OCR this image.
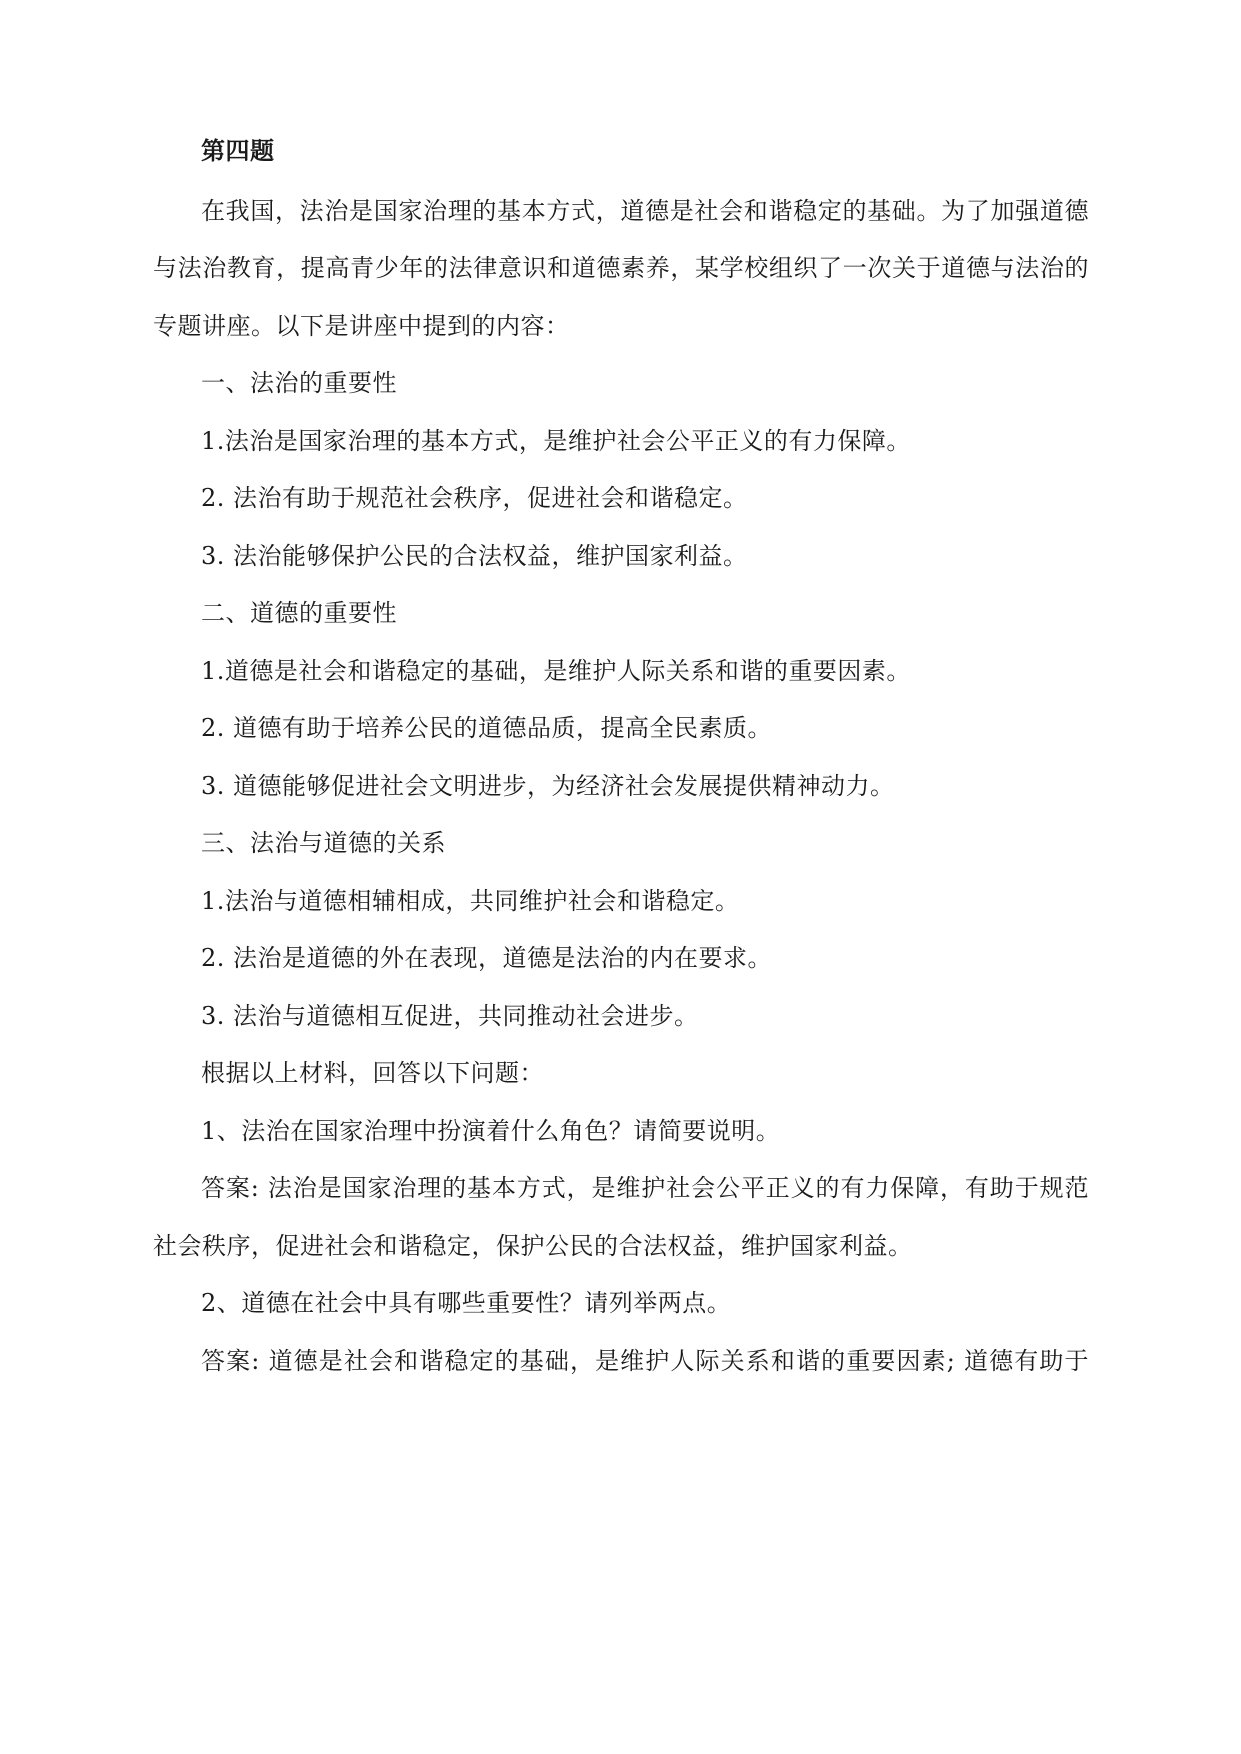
第四题
在我国，法治是国家治理的基本方式，道德是社会和谐稳定的基础。为了加强道德
与法治教育，提高青少年的法律意识和道德素养，某学校组织了一次关于道德与法治的
专题讲座。以下是讲座中提到的内容：
一、法治的重要性
1.法治是国家治理的基本方式，是维护社会公平正义的有力保障。
2. 法治有助于规范社会秩序，促进社会和谐稳定。
3. 法治能够保护公民的合法权益，维护国家利益。
二、道德的重要性
1.道德是社会和谐稳定的基础，是维护人际关系和谐的重要因素。
2. 道德有助于培养公民的道德品质，提高全民素质。
3. 道德能够促进社会文明进步，为经济社会发展提供精神动力。
三、法治与道德的关系
1.法治与道德相辅相成，共同维护社会和谐稳定。
2. 法治是道德的外在表现，道德是法治的内在要求。
3. 法治与道德相互促进，共同推动社会进步。
根据以上材料，回答以下问题：
1、法治在国家治理中扮演着什么角色？请简要说明。
答案: 法治是国家治理的基本方式，是维护社会公平正义的有力保障，有助于规范
社会秩序，促进社会和谐稳定，保护公民的合法权益，维护国家利益。
2、道德在社会中具有哪些重要性？请列举两点。
答案: 道德是社会和谐稳定的基础，是维护人际关系和谐的重要因素; 道德有助于
